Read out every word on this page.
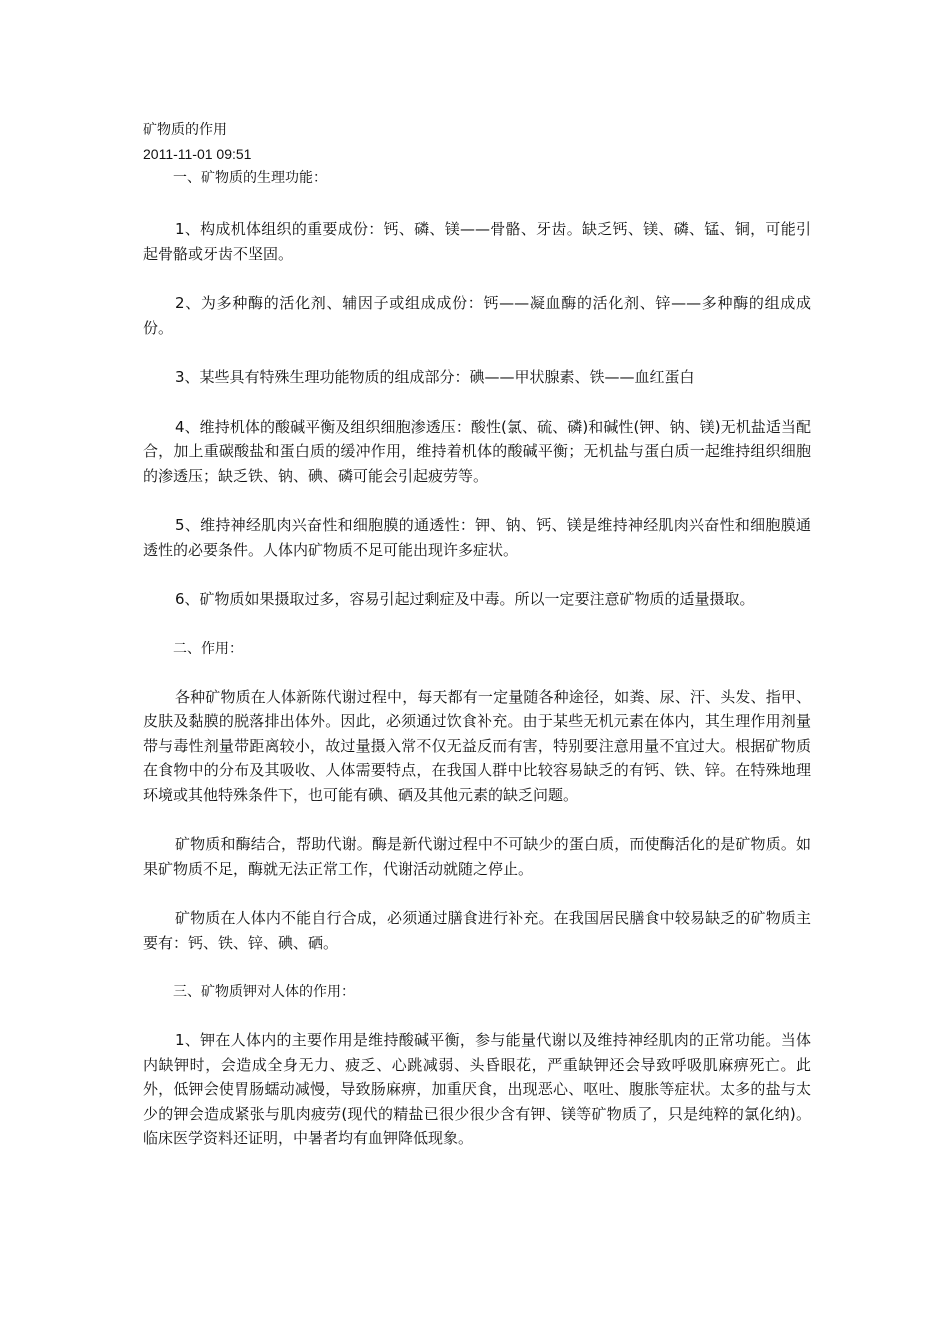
矿物质的作用

2011-11-01 09:51

一、矿物质的生理功能：

1、构成机体组织的重要成份：钙、磷、镁——骨骼、牙齿。缺乏钙、镁、磷、锰、铜，可能引起骨骼或牙齿不坚固。

2、为多种酶的活化剂、辅因子或组成成份：钙——凝血酶的活化剂、锌——多种酶的组成成份。

3、某些具有特殊生理功能物质的组成部分：碘——甲状腺素、铁——血红蛋白

4、维持机体的酸碱平衡及组织细胞渗透压：酸性(氯、硫、磷)和碱性(钾、钠、镁)无机盐适当配合，加上重碳酸盐和蛋白质的缓冲作用，维持着机体的酸碱平衡；无机盐与蛋白质一起维持组织细胞的渗透压；缺乏铁、钠、碘、磷可能会引起疲劳等。

5、维持神经肌肉兴奋性和细胞膜的通透性：钾、钠、钙、镁是维持神经肌肉兴奋性和细胞膜通透性的必要条件。人体内矿物质不足可能出现许多症状。

6、矿物质如果摄取过多，容易引起过剩症及中毒。所以一定要注意矿物质的适量摄取。

二、作用：

各种矿物质在人体新陈代谢过程中，每天都有一定量随各种途径，如粪、尿、汗、头发、指甲、皮肤及黏膜的脱落排出体外。因此，必须通过饮食补充。由于某些无机元素在体内，其生理作用剂量带与毒性剂量带距离较小，故过量摄入常不仅无益反而有害，特别要注意用量不宜过大。根据矿物质在食物中的分布及其吸收、人体需要特点，在我国人群中比较容易缺乏的有钙、铁、锌。在特殊地理环境或其他特殊条件下，也可能有碘、硒及其他元素的缺乏问题。

矿物质和酶结合，帮助代谢。酶是新代谢过程中不可缺少的蛋白质，而使酶活化的是矿物质。如果矿物质不足，酶就无法正常工作，代谢活动就随之停止。

矿物质在人体内不能自行合成，必须通过膳食进行补充。在我国居民膳食中较易缺乏的矿物质主要有：钙、铁、锌、碘、硒。

三、矿物质钾对人体的作用：

1、钾在人体内的主要作用是维持酸碱平衡，参与能量代谢以及维持神经肌肉的正常功能。当体内缺钾时，会造成全身无力、疲乏、心跳减弱、头昏眼花，严重缺钾还会导致呼吸肌麻痹死亡。此外，低钾会使胃肠蠕动减慢，导致肠麻痹，加重厌食，出现恶心、呕吐、腹胀等症状。太多的盐与太少的钾会造成紧张与肌肉疲劳(现代的精盐已很少很少含有钾、镁等矿物质了，只是纯粹的氯化纳)。临床医学资料还证明，中暑者均有血钾降低现象。
